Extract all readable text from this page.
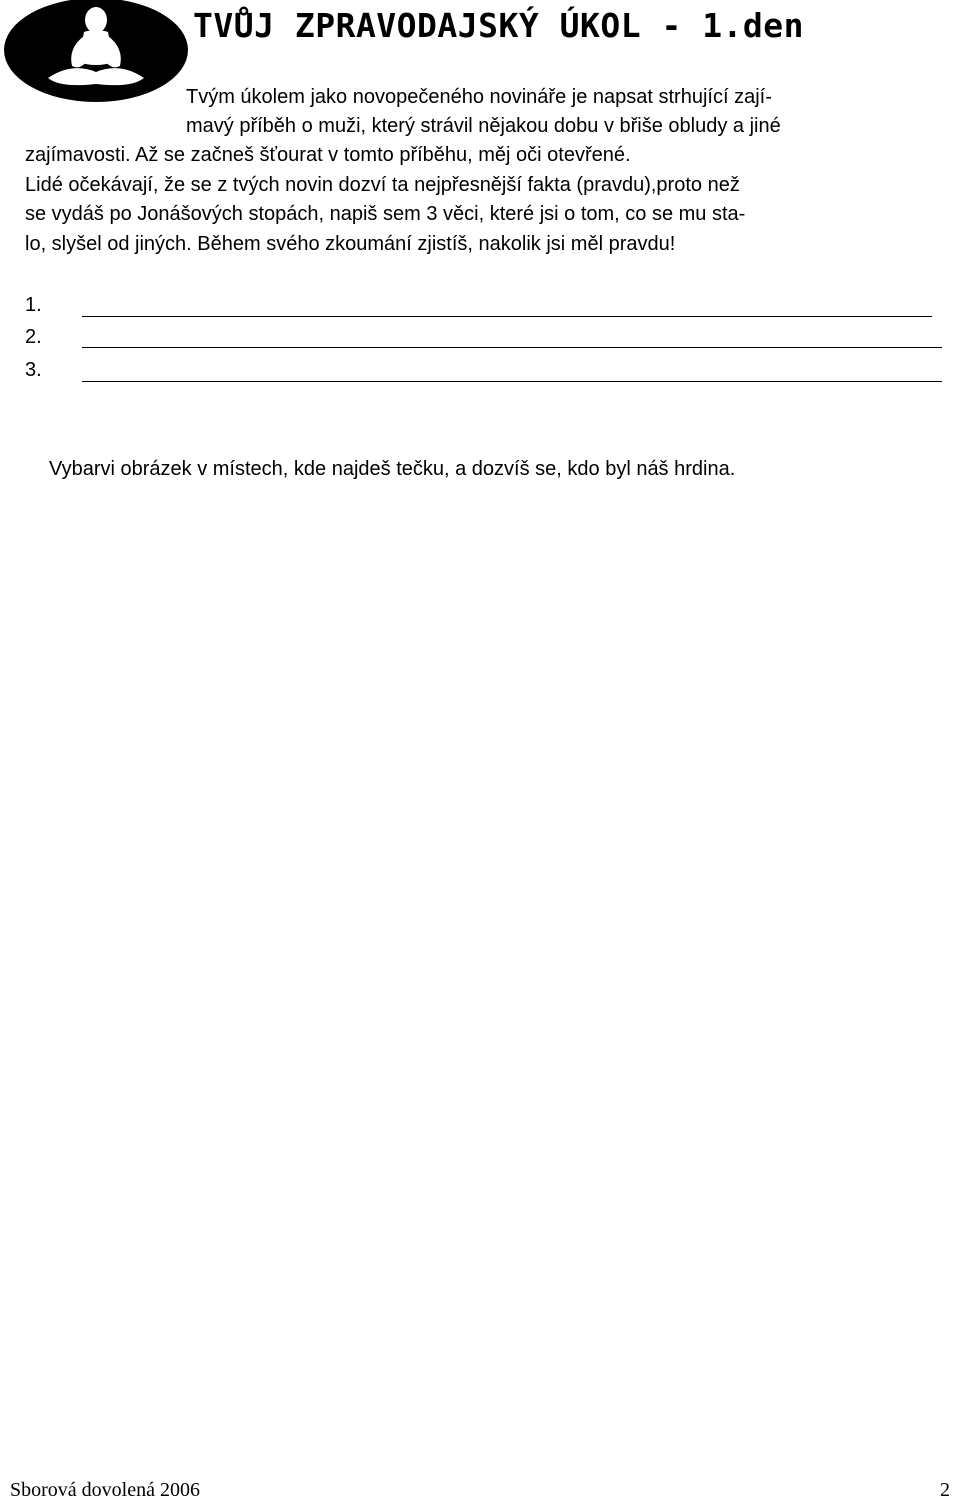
TVŮJ ZPRAVODAJSKÝ ÚKOL - 1.den
Tvým úkolem jako novopečeného novináře je napsat strhující zají-
mavý příběh o muži, který strávil nějakou dobu v břiše obludy a jiné
zajímavosti. Až se začneš šťourat v tomto příběhu, měj oči otevřené.
Lidé očekávají, že se z tvých novin dozví ta nejpřesnější fakta (pravdu),proto než
se vydáš po Jonášových stopách, napiš sem 3 věci, které jsi o tom, co se mu sta-
lo, slyšel od jiných. Během svého zkoumání zjistíš, nakolik jsi měl pravdu!
1.
2.
3.
Vybarvi obrázek v místech, kde najdeš tečku, a dozvíš se, kdo byl náš hrdina.
Sborová dovolená 2006	2
